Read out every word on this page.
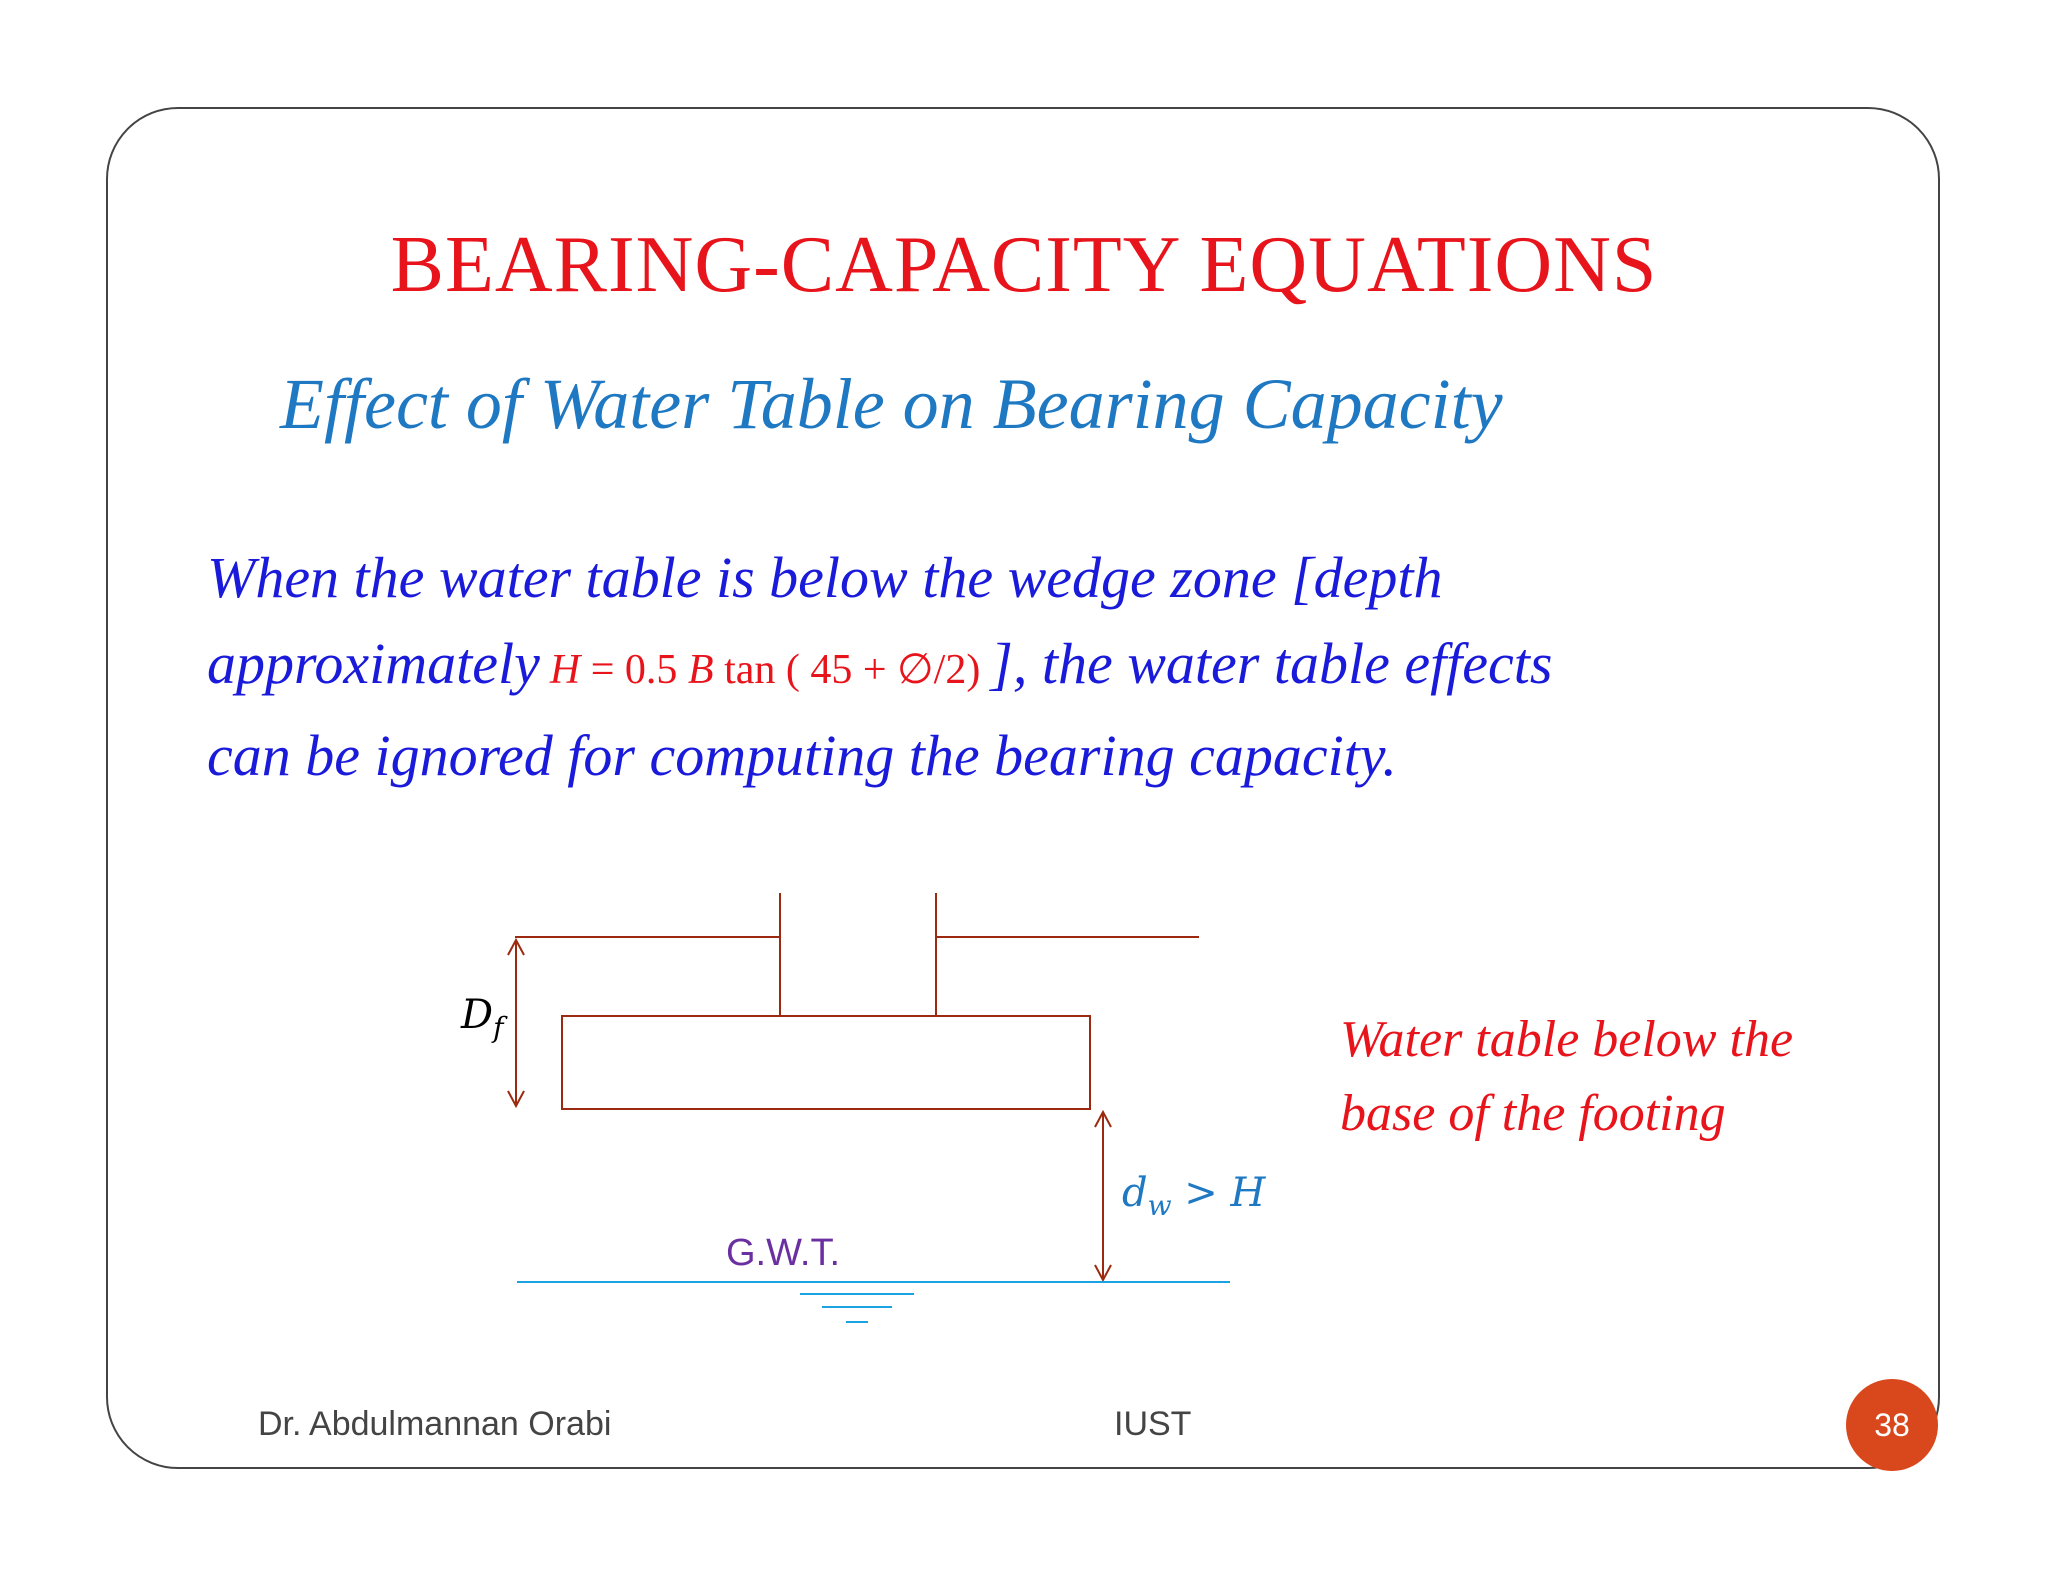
BEARING-CAPACITY EQUATIONS
Effect of Water Table on Bearing Capacity
When the water table is below the wedge zone [depth
approximately H = 0.5 B tan ( 45 + ∅/2) ], the water table effects
can be ignored for computing the bearing capacity.
$D_f$
$d_w > H$
G.W.T.
Water table below the
base of the footing
Dr. Abdulmannan Orabi	IUST	38
